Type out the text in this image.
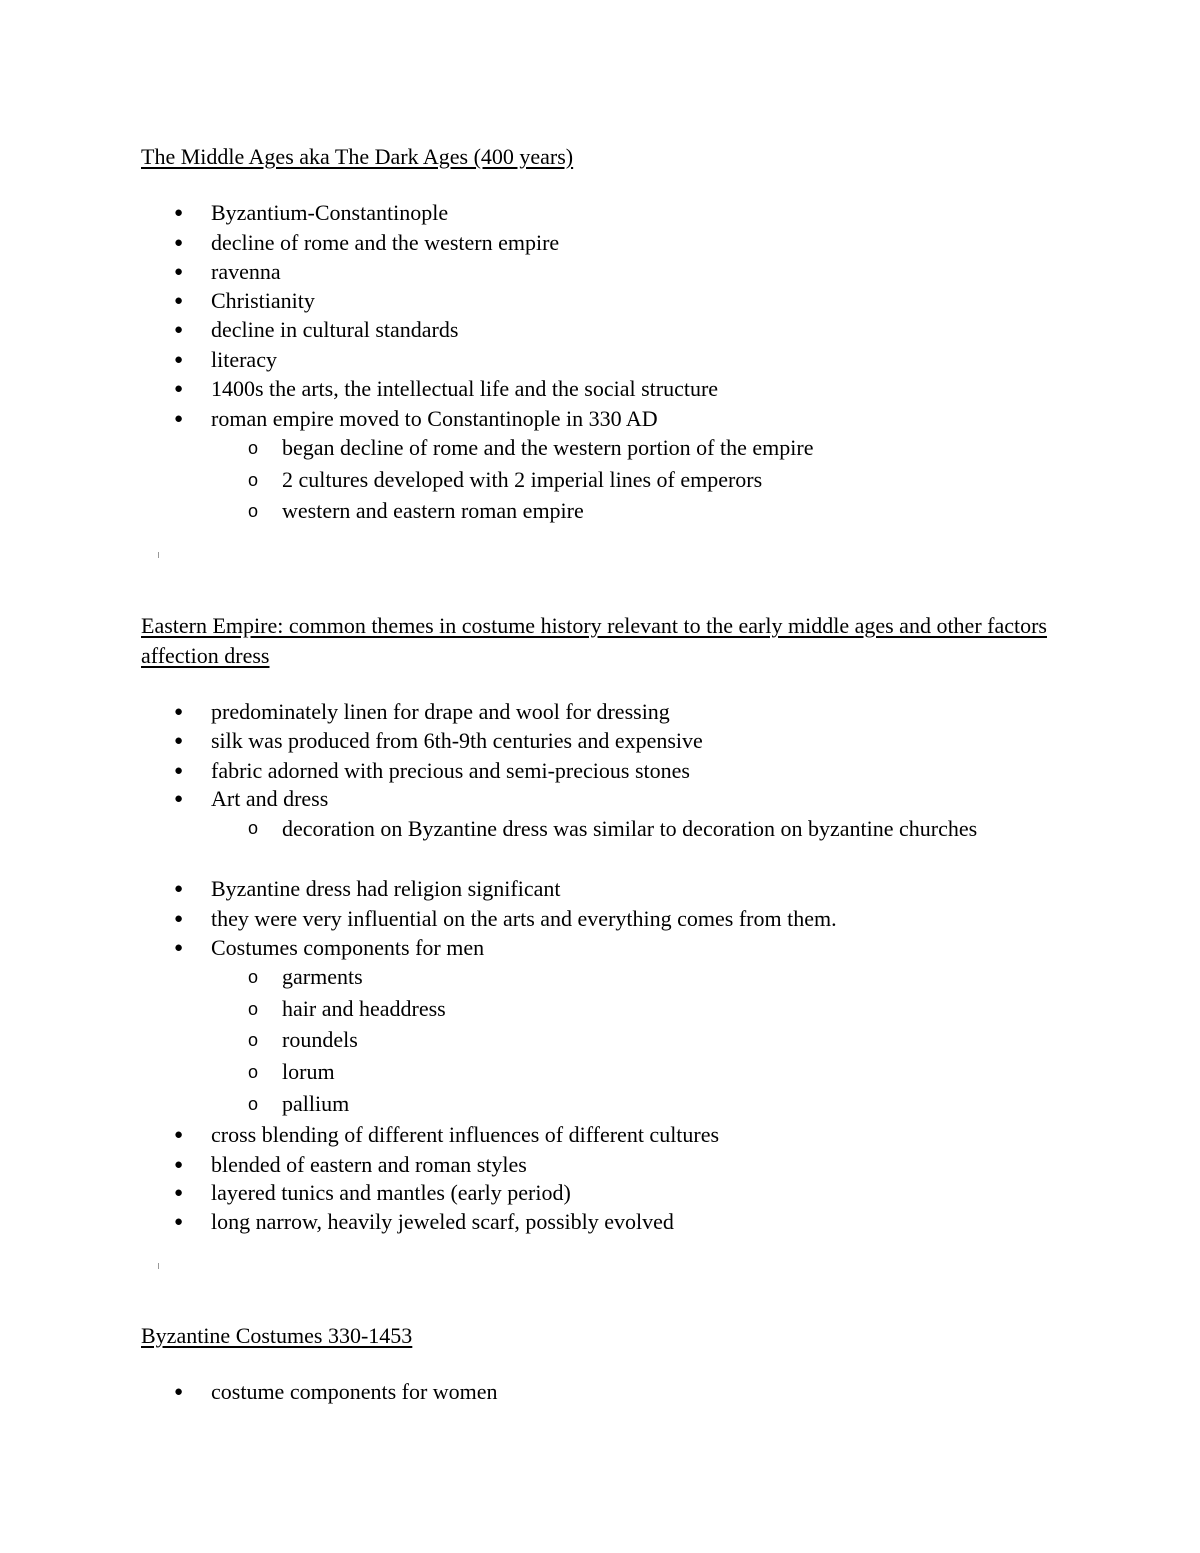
The Middle Ages aka The Dark Ages (400 years)
● Byzantium-Constantinople
● decline of rome and the western empire
● ravenna
● Christianity
● decline in cultural standards
● literacy
● 1400s the arts, the intellectual life and the social structure
● roman empire moved to Constantinople in 330 AD
o began decline of rome and the western portion of the empire
o 2 cultures developed with 2 imperial lines of emperors
o western and eastern roman empire
Eastern Empire: common themes in costume history relevant to the early middle ages and other factors affection dress
● predominately linen for drape and wool for dressing
● silk was produced from 6th-9th centuries and expensive
● fabric adorned with precious and semi-precious stones
● Art and dress
o decoration on Byzantine dress was similar to decoration on byzantine churches
● Byzantine dress had religion significant
● they were very influential on the arts and everything comes from them.
● Costumes components for men
o garments
o hair and headdress
o roundels
o lorum
o pallium
● cross blending of different influences of different cultures
● blended of eastern and roman styles
● layered tunics and mantles (early period)
● long narrow, heavily jeweled scarf, possibly evolved
Byzantine Costumes 330-1453
● costume components for women
